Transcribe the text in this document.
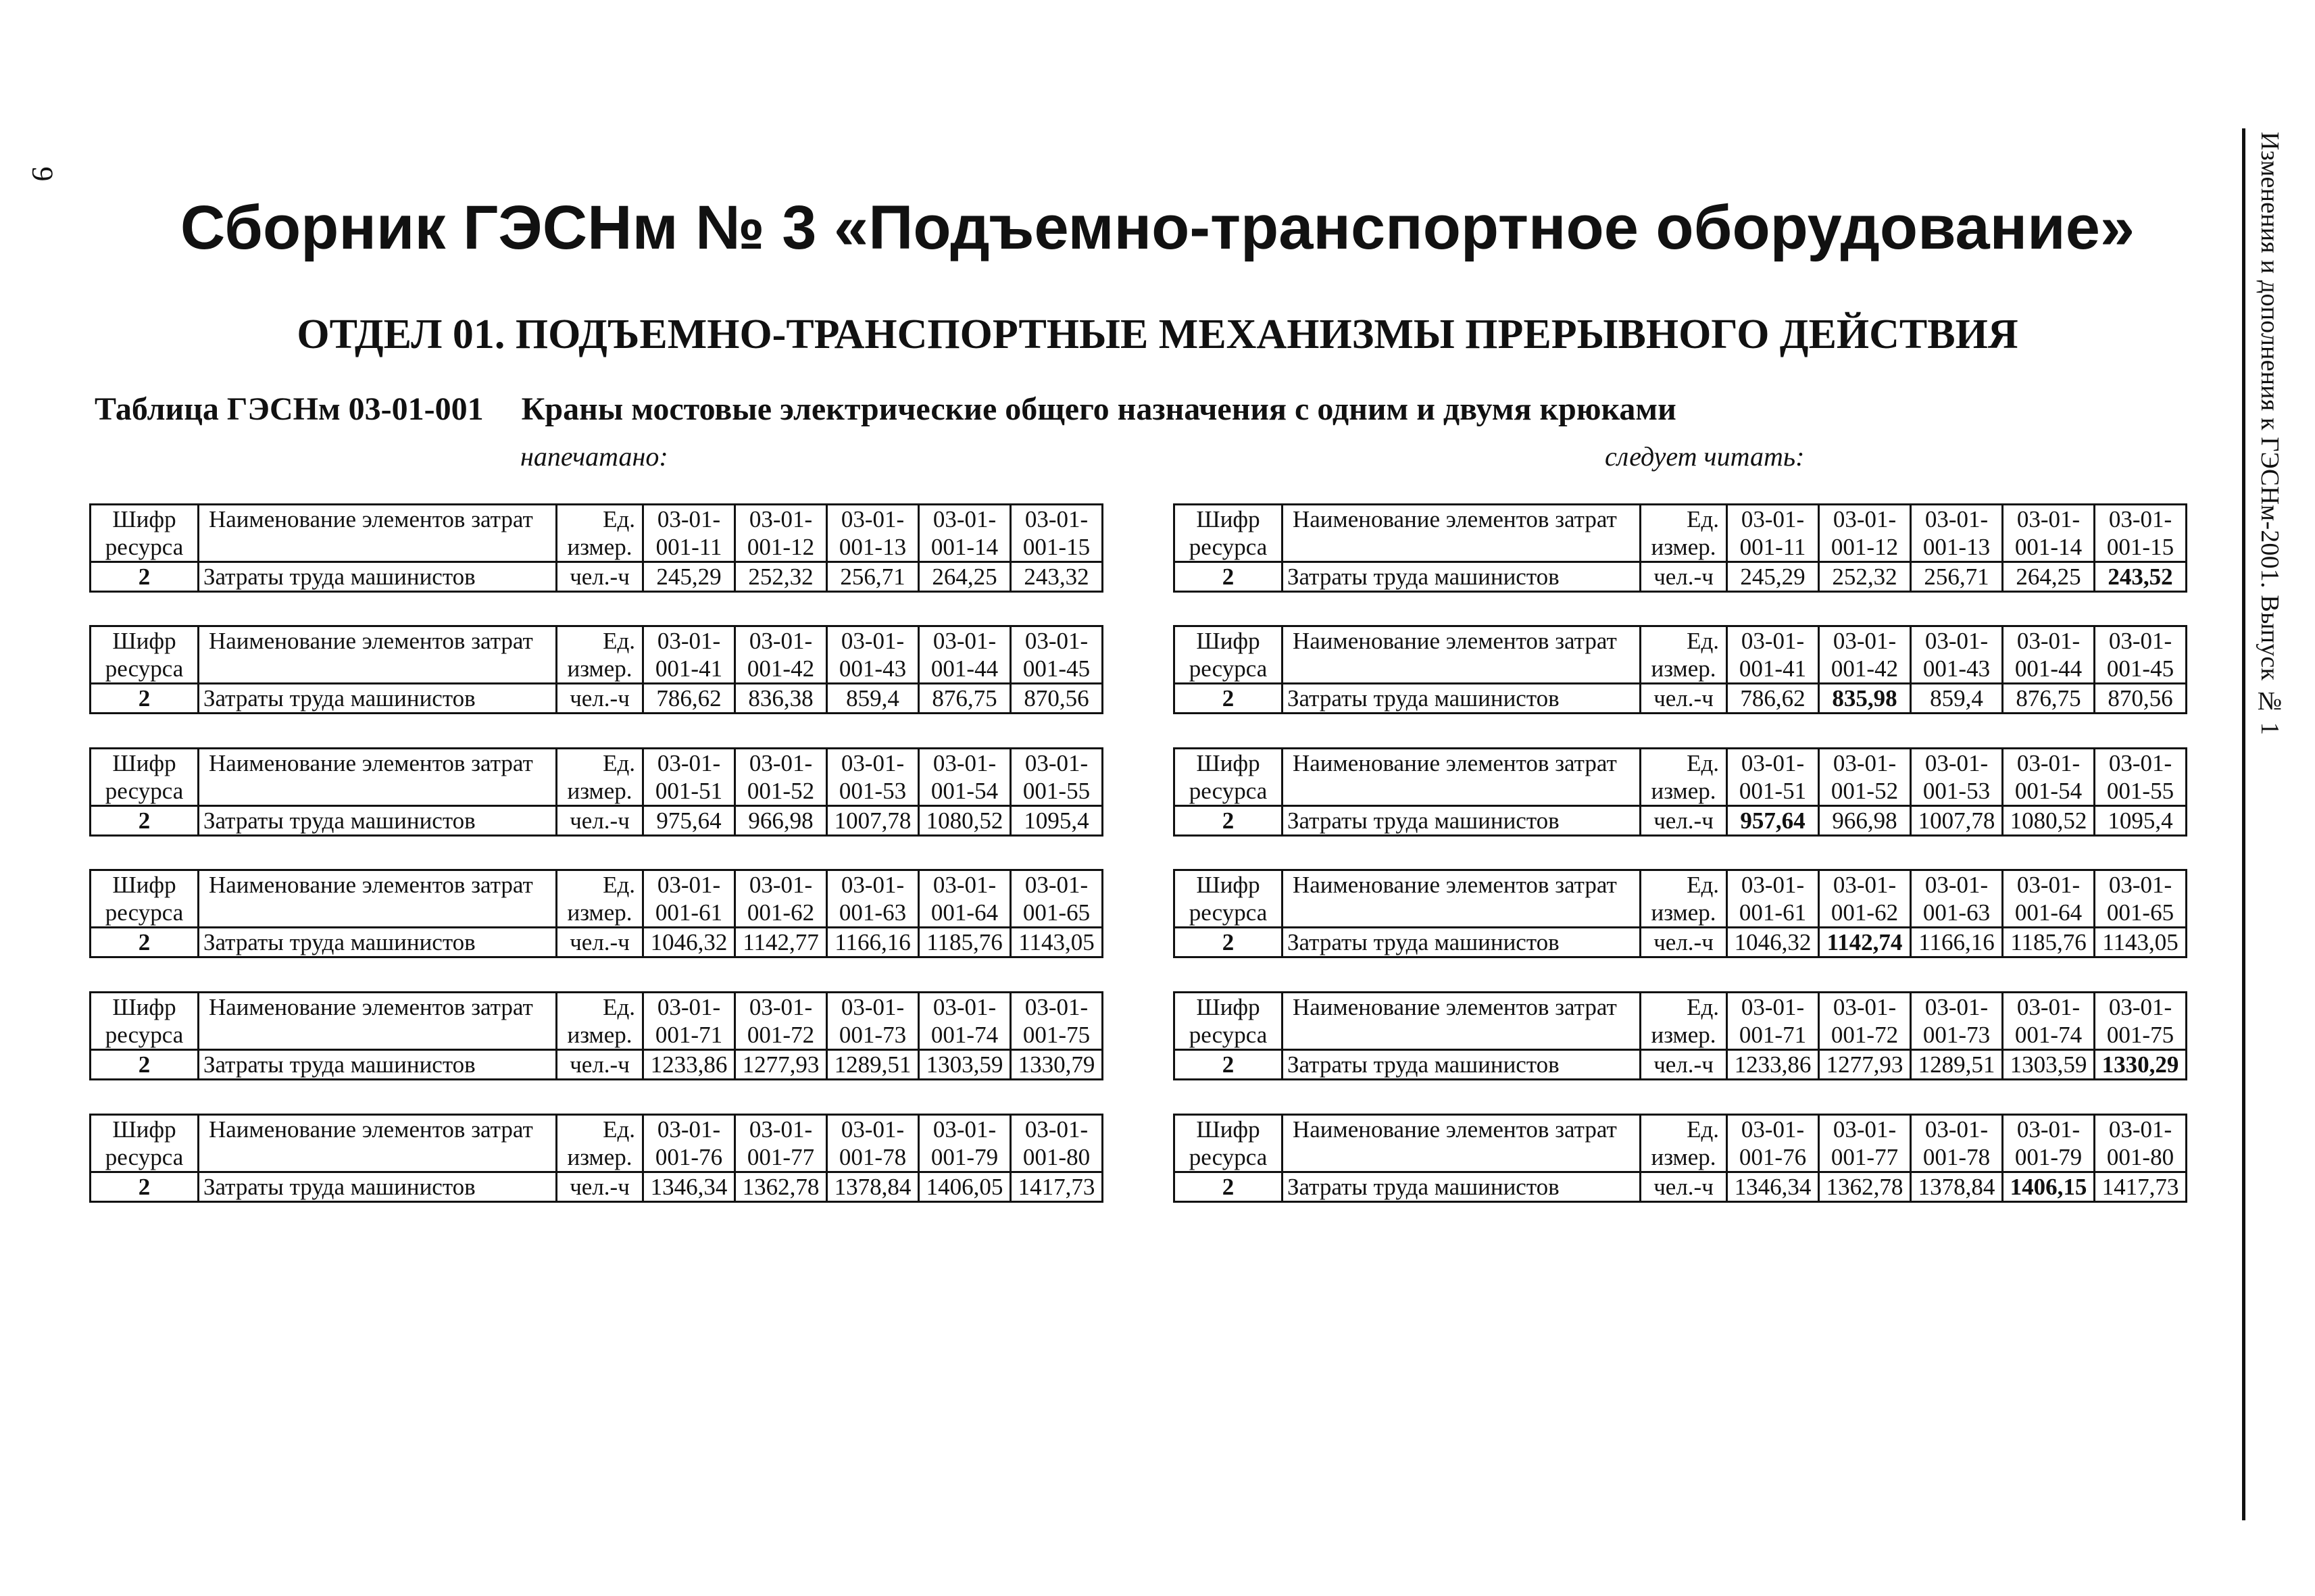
9	Изменения и дополнения к ГЭСНм-2001. Выпуск № 1
Сборник ГЭСНм № 3 «Подъемно-транспортное оборудование»
ОТДЕЛ 01. ПОДЪЕМНО-ТРАНСПОРТНЫЕ МЕХАНИЗМЫ ПРЕРЫВНОГО ДЕЙСТВИЯ
Таблица ГЭСНм 03-01-001 Краны мостовые электрические общего назначения с одним и двумя крюками
напечатано:	следует читать:
Шифр	Наименование элементов затрат	Ед.	03-01-	03-01-	03-01-	03-01-	03-01-
ресурса		измер.	001-11	001-12	001-13	001-14	001-15
2	Затраты труда машинистов	чел.-ч	245,29	252,32	256,71	264,25	243,32
Шифр	Наименование элементов затрат	Ед.	03-01-	03-01-	03-01-	03-01-	03-01-
ресурса		измер.	001-11	001-12	001-13	001-14	001-15
2	Затраты труда машинистов	чел.-ч	245,29	252,32	256,71	264,25	243,52
Шифр	Наименование элементов затрат	Ед.	03-01-	03-01-	03-01-	03-01-	03-01-
ресурса		измер.	001-41	001-42	001-43	001-44	001-45
2	Затраты труда машинистов	чел.-ч	786,62	836,38	859,4	876,75	870,56
Шифр	Наименование элементов затрат	Ед.	03-01-	03-01-	03-01-	03-01-	03-01-
ресурса		измер.	001-41	001-42	001-43	001-44	001-45
2	Затраты труда машинистов	чел.-ч	786,62	835,98	859,4	876,75	870,56
Шифр	Наименование элементов затрат	Ед.	03-01-	03-01-	03-01-	03-01-	03-01-
ресурса		измер.	001-51	001-52	001-53	001-54	001-55
2	Затраты труда машинистов	чел.-ч	975,64	966,98	1007,78	1080,52	1095,4
Шифр	Наименование элементов затрат	Ед.	03-01-	03-01-	03-01-	03-01-	03-01-
ресурса		измер.	001-51	001-52	001-53	001-54	001-55
2	Затраты труда машинистов	чел.-ч	957,64	966,98	1007,78	1080,52	1095,4
Шифр	Наименование элементов затрат	Ед.	03-01-	03-01-	03-01-	03-01-	03-01-
ресурса		измер.	001-61	001-62	001-63	001-64	001-65
2	Затраты труда машинистов	чел.-ч	1046,32	1142,77	1166,16	1185,76	1143,05
Шифр	Наименование элементов затрат	Ед.	03-01-	03-01-	03-01-	03-01-	03-01-
ресурса		измер.	001-61	001-62	001-63	001-64	001-65
2	Затраты труда машинистов	чел.-ч	1046,32	1142,74	1166,16	1185,76	1143,05
Шифр	Наименование элементов затрат	Ед.	03-01-	03-01-	03-01-	03-01-	03-01-
ресурса		измер.	001-71	001-72	001-73	001-74	001-75
2	Затраты труда машинистов	чел.-ч	1233,86	1277,93	1289,51	1303,59	1330,79
Шифр	Наименование элементов затрат	Ед.	03-01-	03-01-	03-01-	03-01-	03-01-
ресурса		измер.	001-71	001-72	001-73	001-74	001-75
2	Затраты труда машинистов	чел.-ч	1233,86	1277,93	1289,51	1303,59	1330,29
Шифр	Наименование элементов затрат	Ед.	03-01-	03-01-	03-01-	03-01-	03-01-
ресурса		измер.	001-76	001-77	001-78	001-79	001-80
2	Затраты труда машинистов	чел.-ч	1346,34	1362,78	1378,84	1406,05	1417,73
Шифр	Наименование элементов затрат	Ед.	03-01-	03-01-	03-01-	03-01-	03-01-
ресурса		измер.	001-76	001-77	001-78	001-79	001-80
2	Затраты труда машинистов	чел.-ч	1346,34	1362,78	1378,84	1406,15	1417,73
